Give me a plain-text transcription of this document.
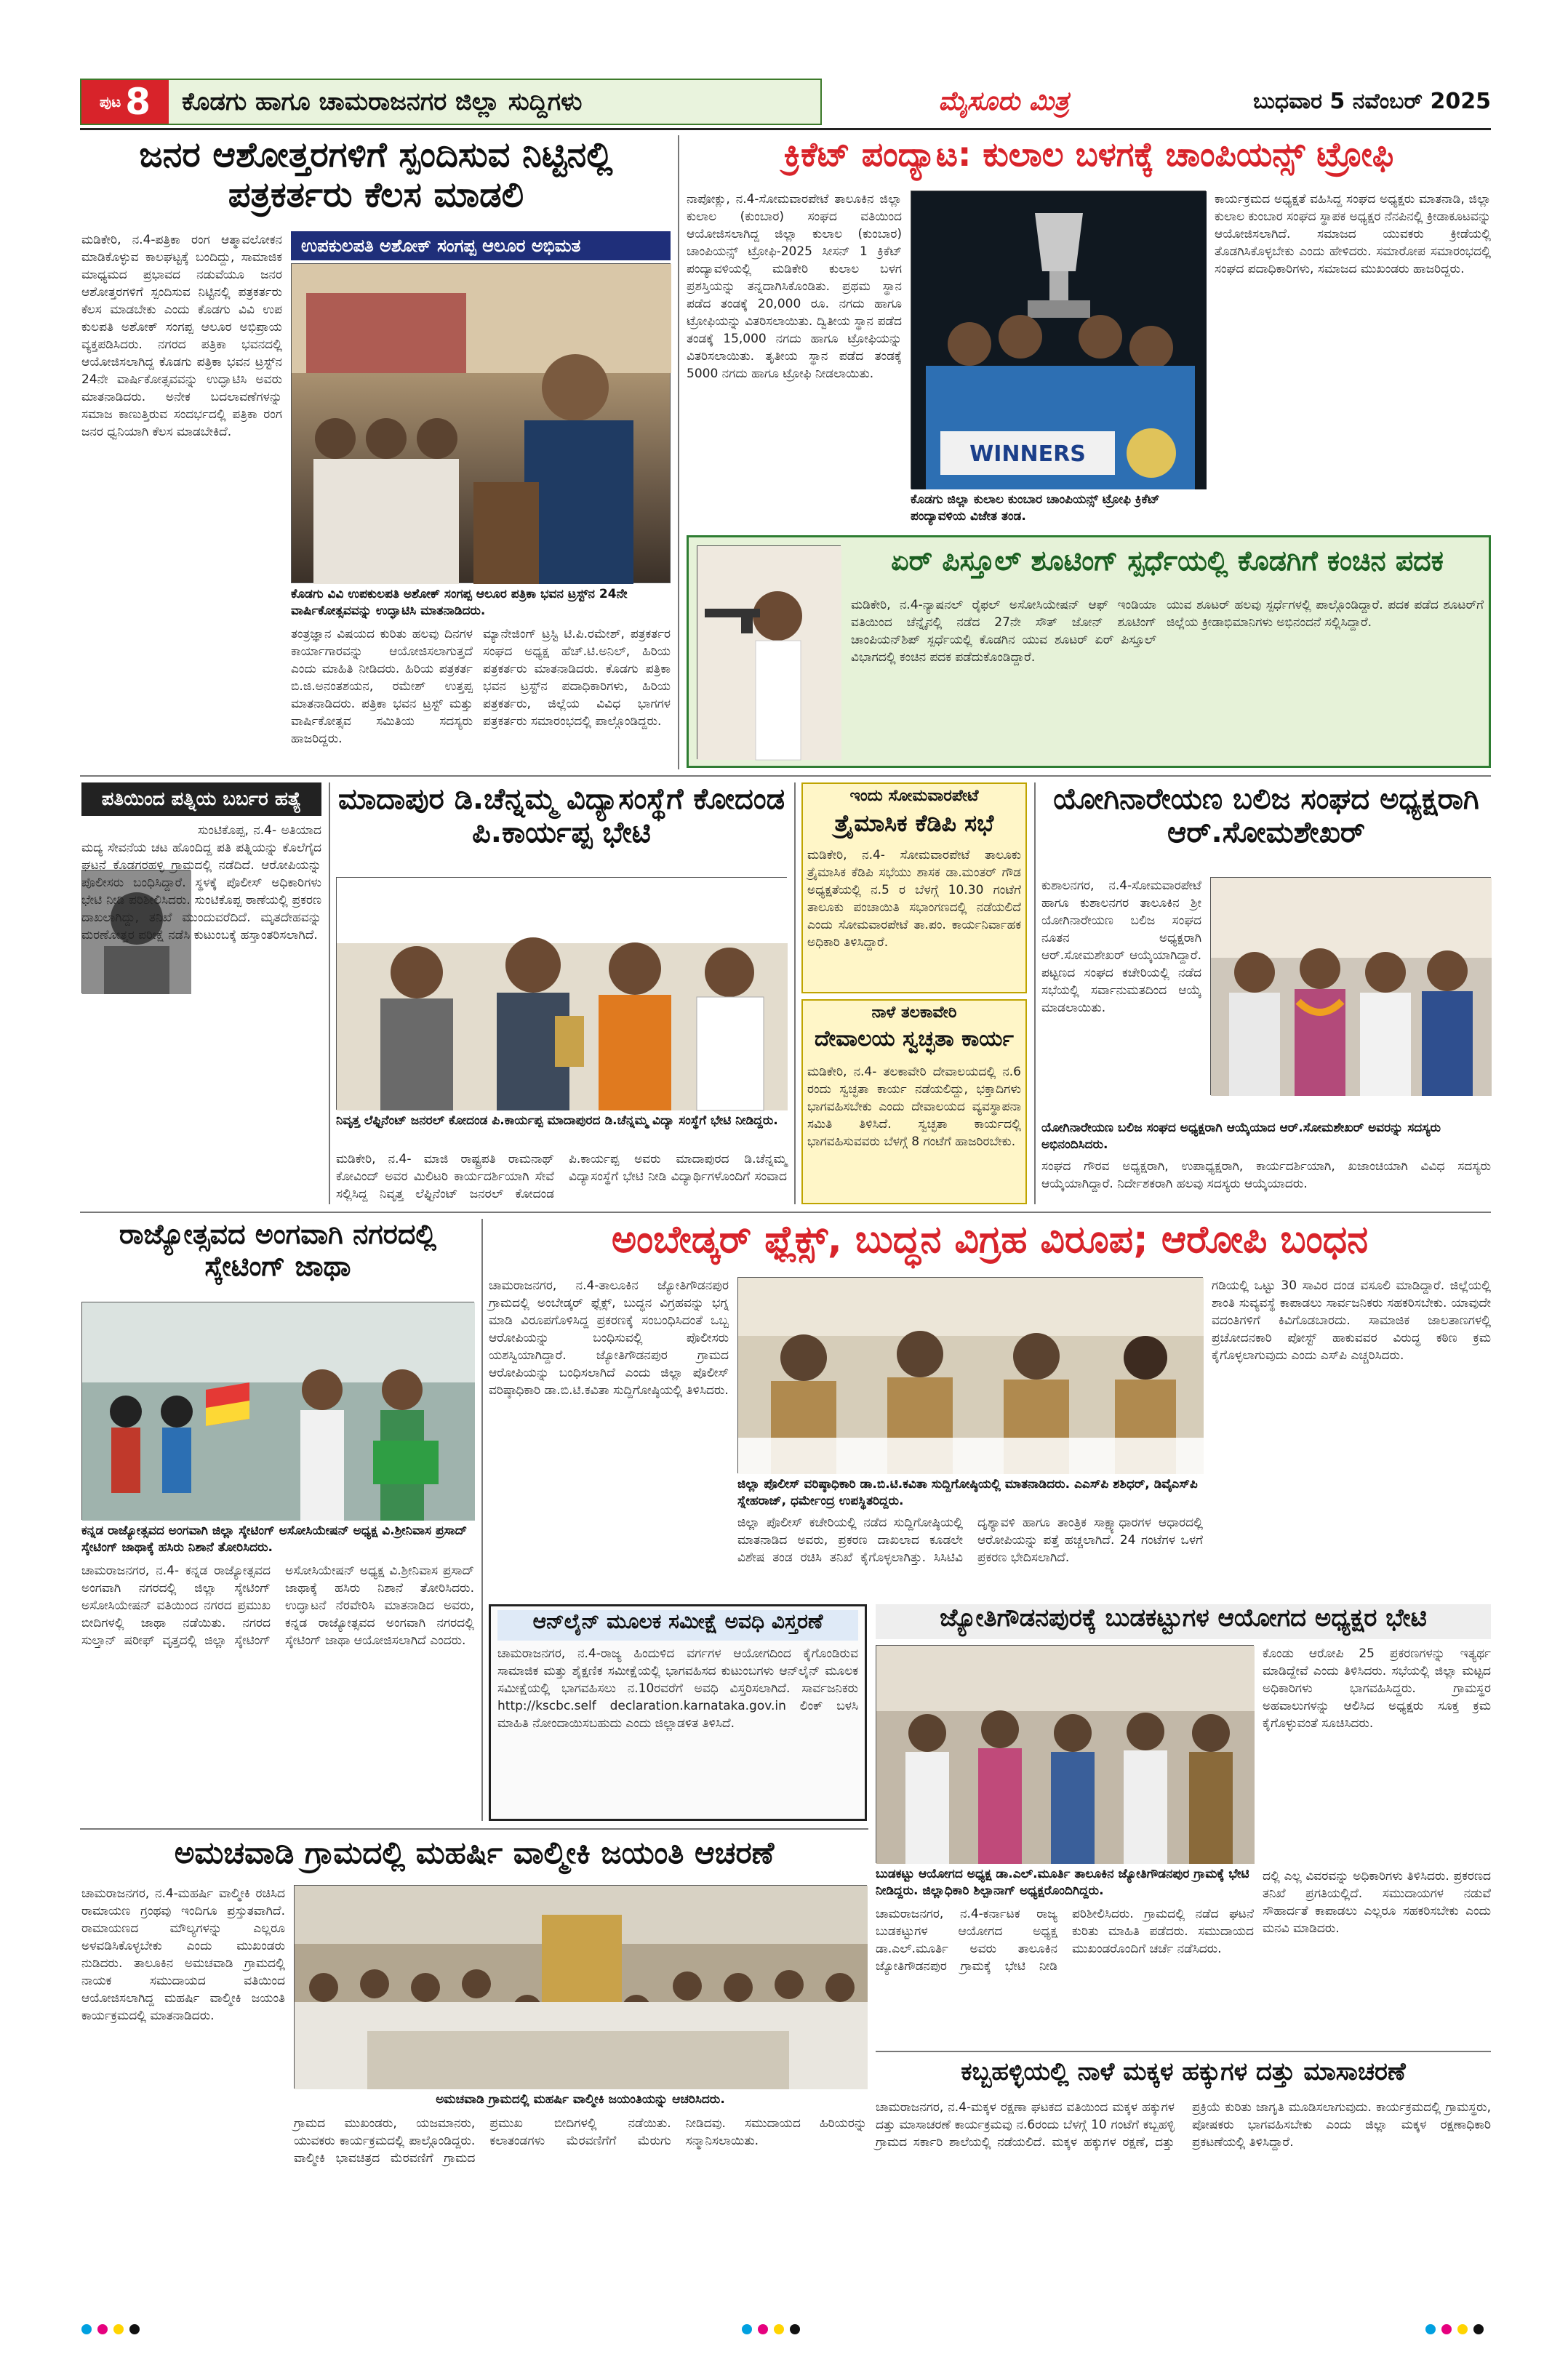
ಪುಟ 8 ಕೊಡಗು ಹಾಗೂ ಚಾಮರಾಜನಗರ ಜಿಲ್ಲಾ ಸುದ್ದಿಗಳು	ಮೈಸೂರು ಮಿತ್ರ	ಬುಧವಾರ 5 ನವೆಂಬರ್ 2025
ಜನರ ಆಶೋತ್ತರಗಳಿಗೆ ಸ್ಪಂದಿಸುವ ನಿಟ್ಟಿನಲ್ಲಿ ಪತ್ರಕರ್ತರು ಕೆಲಸ ಮಾಡಲಿ
ಮಡಿಕೇರಿ, ನ.4-ಪತ್ರಿಕಾ ರಂಗ ಆತ್ಮಾವಲೋಕನ ಮಾಡಿಕೊಳ್ಳುವ ಕಾಲಘಟ್ಟಕ್ಕೆ ಬಂದಿದ್ದು, ಸಾಮಾಜಿಕ ಮಾಧ್ಯಮದ ಪ್ರಭಾವದ ನಡುವೆಯೂ ಜನರ ಆಶೋತ್ತರಗಳಿಗೆ ಸ್ಪಂದಿಸುವ ನಿಟ್ಟಿನಲ್ಲಿ ಪತ್ರಕರ್ತರು ಕೆಲಸ ಮಾಡಬೇಕು ಎಂದು ಕೊಡಗು ವಿವಿ ಉಪ ಕುಲಪತಿ ಅಶೋಕ್ ಸಂಗಪ್ಪ ಆಲೂರ ಅಭಿಪ್ರಾಯ ವ್ಯಕ್ತಪಡಿಸಿದರು. ನಗರದ ಪತ್ರಿಕಾ ಭವನದಲ್ಲಿ ಆಯೋಜಿಸಲಾಗಿದ್ದ ಕೊಡಗು ಪತ್ರಿಕಾ ಭವನ ಟ್ರಸ್ಟ್‌ನ 24ನೇ ವಾರ್ಷಿಕೋತ್ಸವವನ್ನು ಉದ್ಘಾಟಿಸಿ ಅವರು ಮಾತನಾಡಿದರು. ಅನೇಕ ಬದಲಾವಣೆಗಳನ್ನು ಸಮಾಜ ಕಾಣುತ್ತಿರುವ ಸಂದರ್ಭದಲ್ಲಿ ಪತ್ರಿಕಾ ರಂಗ ಜನರ ಧ್ವನಿಯಾಗಿ ಕೆಲಸ ಮಾಡಬೇಕಿದೆ.
ಉಪಕುಲಪತಿ ಅಶೋಕ್ ಸಂಗಪ್ಪ ಆಲೂರ ಅಭಿಮತ
ಕೊಡಗು ವಿವಿ ಉಪಕುಲಪತಿ ಅಶೋಕ್ ಸಂಗಪ್ಪ ಆಲೂರ ಪತ್ರಿಕಾ ಭವನ ಟ್ರಸ್ಟ್‌ನ 24ನೇ ವಾರ್ಷಿಕೋತ್ಸವವನ್ನು ಉದ್ಘಾಟಿಸಿ ಮಾತನಾಡಿದರು.
ತಂತ್ರಜ್ಞಾನ ವಿಷಯದ ಕುರಿತು ಹಲವು ದಿನಗಳ ಕಾರ್ಯಾಗಾರವನ್ನು ಆಯೋಜಿಸಲಾಗುತ್ತದೆ ಎಂದು ಮಾಹಿತಿ ನೀಡಿದರು. ಹಿರಿಯ ಪತ್ರಕರ್ತ ಬಿ.ಜಿ.ಅನಂತಶಯನ, ರಮೇಶ್ ಉತ್ತಪ್ಪ ಮಾತನಾಡಿದರು. ಪತ್ರಿಕಾ ಭವನ ಟ್ರಸ್ಟ್ ಮತ್ತು ವಾರ್ಷಿಕೋತ್ಸವ ಸಮಿತಿಯ ಸದಸ್ಯರು ಹಾಜರಿದ್ದರು.
ಮ್ಯಾನೇಜಿಂಗ್ ಟ್ರಸ್ಟಿ ಟಿ.ಪಿ.ರಮೇಶ್, ಪತ್ರಕರ್ತರ ಸಂಘದ ಅಧ್ಯಕ್ಷ ಹೆಚ್.ಟಿ.ಅನಿಲ್, ಹಿರಿಯ ಪತ್ರಕರ್ತರು ಮಾತನಾಡಿದರು. ಕೊಡಗು ಪತ್ರಿಕಾ ಭವನ ಟ್ರಸ್ಟ್‌ನ ಪದಾಧಿಕಾರಿಗಳು, ಹಿರಿಯ ಪತ್ರಕರ್ತರು, ಜಿಲ್ಲೆಯ ವಿವಿಧ ಭಾಗಗಳ ಪತ್ರಕರ್ತರು ಸಮಾರಂಭದಲ್ಲಿ ಪಾಲ್ಗೊಂಡಿದ್ದರು.
ಕ್ರಿಕೆಟ್ ಪಂದ್ಯಾಟ: ಕುಲಾಲ ಬಳಗಕ್ಕೆ ಚಾಂಪಿಯನ್ಸ್ ಟ್ರೋಫಿ
ನಾಪೋಕ್ಲು, ನ.4-ಸೋಮವಾರಪೇಟೆ ತಾಲೂಕಿನ ಜಿಲ್ಲಾ ಕುಲಾಲ (ಕುಂಬಾರ) ಸಂಘದ ವತಿಯಿಂದ ಆಯೋಜಿಸಲಾಗಿದ್ದ ಜಿಲ್ಲಾ ಕುಲಾಲ (ಕುಂಬಾರ) ಚಾಂಪಿಯನ್ಸ್ ಟ್ರೋಫಿ-2025 ಸೀಸನ್ 1 ಕ್ರಿಕೆಟ್ ಪಂದ್ಯಾವಳಿಯಲ್ಲಿ ಮಡಿಕೇರಿ ಕುಲಾಲ ಬಳಗ ಪ್ರಶಸ್ತಿಯನ್ನು ತನ್ನದಾಗಿಸಿಕೊಂಡಿತು. ಪ್ರಥಮ ಸ್ಥಾನ ಪಡೆದ ತಂಡಕ್ಕೆ 20,000 ರೂ. ನಗದು ಹಾಗೂ ಟ್ರೋಫಿಯನ್ನು ವಿತರಿಸಲಾಯಿತು. ದ್ವಿತೀಯ ಸ್ಥಾನ ಪಡೆದ ತಂಡಕ್ಕೆ 15,000 ನಗದು ಹಾಗೂ ಟ್ರೋಫಿಯನ್ನು ವಿತರಿಸಲಾಯಿತು. ತೃತೀಯ ಸ್ಥಾನ ಪಡೆದ ತಂಡಕ್ಕೆ 5000 ನಗದು ಹಾಗೂ ಟ್ರೋಫಿ ನೀಡಲಾಯಿತು.
WINNERS
ಕೊಡಗು ಜಿಲ್ಲಾ ಕುಲಾಲ ಕುಂಬಾರ ಚಾಂಪಿಯನ್ಸ್ ಟ್ರೋಫಿ ಕ್ರಿಕೆಟ್ ಪಂದ್ಯಾವಳಿಯ ವಿಜೇತ ತಂಡ.
ಕಾರ್ಯಕ್ರಮದ ಅಧ್ಯಕ್ಷತೆ ವಹಿಸಿದ್ದ ಸಂಘದ ಅಧ್ಯಕ್ಷರು ಮಾತನಾಡಿ, ಜಿಲ್ಲಾ ಕುಲಾಲ ಕುಂಬಾರ ಸಂಘದ ಸ್ಥಾಪಕ ಅಧ್ಯಕ್ಷರ ನೆನಪಿನಲ್ಲಿ ಕ್ರೀಡಾಕೂಟವನ್ನು ಆಯೋಜಿಸಲಾಗಿದೆ. ಸಮಾಜದ ಯುವಕರು ಕ್ರೀಡೆಯಲ್ಲಿ ತೊಡಗಿಸಿಕೊಳ್ಳಬೇಕು ಎಂದು ಹೇಳಿದರು. ಸಮಾರೋಪ ಸಮಾರಂಭದಲ್ಲಿ ಸಂಘದ ಪದಾಧಿಕಾರಿಗಳು, ಸಮಾಜದ ಮುಖಂಡರು ಹಾಜರಿದ್ದರು.
ಏರ್ ಪಿಸ್ತೂಲ್ ಶೂಟಿಂಗ್ ಸ್ಪರ್ಧೆಯಲ್ಲಿ ಕೊಡಗಿಗೆ ಕಂಚಿನ ಪದಕ
ಮಡಿಕೇರಿ, ನ.4-ನ್ಯಾಷನಲ್ ರೈಫಲ್ ಅಸೋಸಿಯೇಷನ್ ಆಫ್ ಇಂಡಿಯಾ ವತಿಯಿಂದ ಚೆನ್ನೈನಲ್ಲಿ ನಡೆದ 27ನೇ ಸೌತ್ ಜೋನ್ ಶೂಟಿಂಗ್ ಚಾಂಪಿಯನ್‌ಶಿಪ್ ಸ್ಪರ್ಧೆಯಲ್ಲಿ ಕೊಡಗಿನ ಯುವ ಶೂಟರ್ ಏರ್ ಪಿಸ್ತೂಲ್ ವಿಭಾಗದಲ್ಲಿ ಕಂಚಿನ ಪದಕ ಪಡೆದುಕೊಂಡಿದ್ದಾರೆ.
ಯುವ ಶೂಟರ್ ಹಲವು ಸ್ಪರ್ಧೆಗಳಲ್ಲಿ ಪಾಲ್ಗೊಂಡಿದ್ದಾರೆ. ಪದಕ ಪಡೆದ ಶೂಟರ್‌ಗೆ ಜಿಲ್ಲೆಯ ಕ್ರೀಡಾಭಿಮಾನಿಗಳು ಅಭಿನಂದನೆ ಸಲ್ಲಿಸಿದ್ದಾರೆ.
ಪತಿಯಿಂದ ಪತ್ನಿಯ ಬರ್ಬರ ಹತ್ಯೆ
ಸುಂಟಿಕೊಪ್ಪ, ನ.4- ಅತಿಯಾದ ಮದ್ಯ ಸೇವನೆಯ ಚಟ ಹೊಂದಿದ್ದ ಪತಿ ಪತ್ನಿಯನ್ನು ಕೊಲೆಗೈದ ಘಟನೆ ಕೊಡಗರಹಳ್ಳಿ ಗ್ರಾಮದಲ್ಲಿ ನಡೆದಿದೆ. ಆರೋಪಿಯನ್ನು ಪೊಲೀಸರು ಬಂಧಿಸಿದ್ದಾರೆ. ಸ್ಥಳಕ್ಕೆ ಪೊಲೀಸ್ ಅಧಿಕಾರಿಗಳು ಭೇಟಿ ನೀಡಿ ಪರಿಶೀಲಿಸಿದರು. ಸುಂಟಿಕೊಪ್ಪ ಠಾಣೆಯಲ್ಲಿ ಪ್ರಕರಣ ದಾಖಲಾಗಿದ್ದು, ತನಿಖೆ ಮುಂದುವರೆದಿದೆ. ಮೃತದೇಹವನ್ನು ಮರಣೋತ್ತರ ಪರೀಕ್ಷೆ ನಡೆಸಿ ಕುಟುಂಬಕ್ಕೆ ಹಸ್ತಾಂತರಿಸಲಾಗಿದೆ.
ಮಾದಾಪುರ ಡಿ.ಚೆನ್ನಮ್ಮ ವಿದ್ಯಾಸಂಸ್ಥೆಗೆ ಕೋದಂಡ ಪಿ.ಕಾರ್ಯಪ್ಪ ಭೇಟಿ
ನಿವೃತ್ತ ಲೆಫ್ಟಿನೆಂಟ್ ಜನರಲ್ ಕೋದಂಡ ಪಿ.ಕಾರ್ಯಪ್ಪ ಮಾದಾಪುರದ ಡಿ.ಚೆನ್ನಮ್ಮ ವಿದ್ಯಾ ಸಂಸ್ಥೆಗೆ ಭೇಟಿ ನೀಡಿದ್ದರು.
ಮಡಿಕೇರಿ, ನ.4- ಮಾಜಿ ರಾಷ್ಟ್ರಪತಿ ರಾಮನಾಥ್ ಕೋವಿಂದ್ ಅವರ ಮಿಲಿಟರಿ ಕಾರ್ಯದರ್ಶಿಯಾಗಿ ಸೇವೆ ಸಲ್ಲಿಸಿದ್ದ ನಿವೃತ್ತ ಲೆಫ್ಟಿನೆಂಟ್ ಜನರಲ್ ಕೋದಂಡ ಪಿ.ಕಾರ್ಯಪ್ಪ ಅವರು ಮಾದಾಪುರದ ಡಿ.ಚೆನ್ನಮ್ಮ ವಿದ್ಯಾಸಂಸ್ಥೆಗೆ ಭೇಟಿ ನೀಡಿ ವಿದ್ಯಾರ್ಥಿಗಳೊಂದಿಗೆ ಸಂವಾದ
ಇಂದು ಸೋಮವಾರಪೇಟೆ
ತ್ರೈಮಾಸಿಕ ಕೆಡಿಪಿ ಸಭೆ
ಮಡಿಕೇರಿ, ನ.4- ಸೋಮವಾರಪೇಟೆ ತಾಲೂಕು ತ್ರೈಮಾಸಿಕ ಕೆಡಿಪಿ ಸಭೆಯು ಶಾಸಕ ಡಾ.ಮಂತರ್ ಗೌಡ ಅಧ್ಯಕ್ಷತೆಯಲ್ಲಿ ನ.5 ರ ಬೆಳಗ್ಗೆ 10.30 ಗಂಟೆಗೆ ತಾಲೂಕು ಪಂಚಾಯಿತಿ ಸಭಾಂಗಣದಲ್ಲಿ ನಡೆಯಲಿದೆ ಎಂದು ಸೋಮವಾರಪೇಟೆ ತಾ.ಪಂ. ಕಾರ್ಯನಿರ್ವಾಹಕ ಅಧಿಕಾರಿ ತಿಳಿಸಿದ್ದಾರೆ.
ನಾಳೆ ತಲಕಾವೇರಿ
ದೇವಾಲಯ ಸ್ವಚ್ಛತಾ ಕಾರ್ಯ
ಮಡಿಕೇರಿ, ನ.4- ತಲಕಾವೇರಿ ದೇವಾಲಯದಲ್ಲಿ ನ.6 ರಂದು ಸ್ವಚ್ಛತಾ ಕಾರ್ಯ ನಡೆಯಲಿದ್ದು, ಭಕ್ತಾದಿಗಳು ಭಾಗವಹಿಸಬೇಕು ಎಂದು ದೇವಾಲಯದ ವ್ಯವಸ್ಥಾಪನಾ ಸಮಿತಿ ತಿಳಿಸಿದೆ. ಸ್ವಚ್ಛತಾ ಕಾರ್ಯದಲ್ಲಿ ಭಾಗವಹಿಸುವವರು ಬೆಳಗ್ಗೆ 8 ಗಂಟೆಗೆ ಹಾಜರಿರಬೇಕು.
ಯೋಗಿನಾರೇಯಣ ಬಲಿಜ ಸಂಘದ ಅಧ್ಯಕ್ಷರಾಗಿ ಆರ್.ಸೋಮಶೇಖರ್
ಕುಶಾಲನಗರ, ನ.4-ಸೋಮವಾರಪೇಟೆ ಹಾಗೂ ಕುಶಾಲನಗರ ತಾಲೂಕಿನ ಶ್ರೀ ಯೋಗಿನಾರೇಯಣ ಬಲಿಜ ಸಂಘದ ನೂತನ ಅಧ್ಯಕ್ಷರಾಗಿ ಆರ್.ಸೋಮಶೇಖರ್ ಆಯ್ಕೆಯಾಗಿದ್ದಾರೆ. ಪಟ್ಟಣದ ಸಂಘದ ಕಚೇರಿಯಲ್ಲಿ ನಡೆದ ಸಭೆಯಲ್ಲಿ ಸರ್ವಾನುಮತದಿಂದ ಆಯ್ಕೆ ಮಾಡಲಾಯಿತು.
ಯೋಗಿನಾರೇಯಣ ಬಲಿಜ ಸಂಘದ ಅಧ್ಯಕ್ಷರಾಗಿ ಆಯ್ಕೆಯಾದ ಆರ್.ಸೋಮಶೇಖರ್ ಅವರನ್ನು ಸದಸ್ಯರು ಅಭಿನಂದಿಸಿದರು.
ಸಂಘದ ಗೌರವ ಅಧ್ಯಕ್ಷರಾಗಿ, ಉಪಾಧ್ಯಕ್ಷರಾಗಿ, ಕಾರ್ಯದರ್ಶಿಯಾಗಿ, ಖಜಾಂಚಿಯಾಗಿ ವಿವಿಧ ಸದಸ್ಯರು ಆಯ್ಕೆಯಾಗಿದ್ದಾರೆ. ನಿರ್ದೇಶಕರಾಗಿ ಹಲವು ಸದಸ್ಯರು ಆಯ್ಕೆಯಾದರು.
ರಾಜ್ಯೋತ್ಸವದ ಅಂಗವಾಗಿ ನಗರದಲ್ಲಿ ಸ್ಕೇಟಿಂಗ್ ಜಾಥಾ
ಕನ್ನಡ ರಾಜ್ಯೋತ್ಸವದ ಅಂಗವಾಗಿ ಜಿಲ್ಲಾ ಸ್ಕೇಟಿಂಗ್ ಅಸೋಸಿಯೇಷನ್ ಅಧ್ಯಕ್ಷ ವಿ.ಶ್ರೀನಿವಾಸ ಪ್ರಸಾದ್ ಸ್ಕೇಟಿಂಗ್ ಜಾಥಾಕ್ಕೆ ಹಸಿರು ನಿಶಾನೆ ತೋರಿಸಿದರು.
ಚಾಮರಾಜನಗರ, ನ.4- ಕನ್ನಡ ರಾಜ್ಯೋತ್ಸವದ ಅಂಗವಾಗಿ ನಗರದಲ್ಲಿ ಜಿಲ್ಲಾ ಸ್ಕೇಟಿಂಗ್ ಅಸೋಸಿಯೇಷನ್ ವತಿಯಿಂದ ನಗರದ ಪ್ರಮುಖ ಬೀದಿಗಳಲ್ಲಿ ಜಾಥಾ ನಡೆಯಿತು. ನಗರದ ಸುಲ್ತಾನ್ ಷರೀಫ್ ವೃತ್ತದಲ್ಲಿ ಜಿಲ್ಲಾ ಸ್ಕೇಟಿಂಗ್ ಅಸೋಸಿಯೇಷನ್ ಅಧ್ಯಕ್ಷ ವಿ.ಶ್ರೀನಿವಾಸ ಪ್ರಸಾದ್ ಜಾಥಾಕ್ಕೆ ಹಸಿರು ನಿಶಾನೆ ತೋರಿಸಿದರು. ಉದ್ಘಾಟನೆ ನೆರವೇರಿಸಿ ಮಾತನಾಡಿದ ಅವರು, ಕನ್ನಡ ರಾಜ್ಯೋತ್ಸವದ ಅಂಗವಾಗಿ ನಗರದಲ್ಲಿ ಸ್ಕೇಟಿಂಗ್ ಜಾಥಾ ಆಯೋಜಿಸಲಾಗಿದೆ ಎಂದರು.
ಅಂಬೇಡ್ಕರ್ ಫ್ಲೆಕ್ಸ್, ಬುದ್ಧನ ವಿಗ್ರಹ ವಿರೂಪ; ಆರೋಪಿ ಬಂಧನ
ಚಾಮರಾಜನಗರ, ನ.4-ತಾಲೂಕಿನ ಜ್ಯೋತಿಗೌಡನಪುರ ಗ್ರಾಮದಲ್ಲಿ ಅಂಬೇಡ್ಕರ್ ಫ್ಲೆಕ್ಸ್, ಬುದ್ಧನ ವಿಗ್ರಹವನ್ನು ಭಗ್ನ ಮಾಡಿ ವಿರೂಪಗೊಳಿಸಿದ್ದ ಪ್ರಕರಣಕ್ಕೆ ಸಂಬಂಧಿಸಿದಂತೆ ಒಬ್ಬ ಆರೋಪಿಯನ್ನು ಬಂಧಿಸುವಲ್ಲಿ ಪೊಲೀಸರು ಯಶಸ್ವಿಯಾಗಿದ್ದಾರೆ. ಜ್ಯೋತಿಗೌಡನಪುರ ಗ್ರಾಮದ ಆರೋಪಿಯನ್ನು ಬಂಧಿಸಲಾಗಿದೆ ಎಂದು ಜಿಲ್ಲಾ ಪೊಲೀಸ್ ವರಿಷ್ಠಾಧಿಕಾರಿ ಡಾ.ಬಿ.ಟಿ.ಕವಿತಾ ಸುದ್ದಿಗೋಷ್ಠಿಯಲ್ಲಿ ತಿಳಿಸಿದರು.
ಜಿಲ್ಲಾ ಪೊಲೀಸ್ ವರಿಷ್ಠಾಧಿಕಾರಿ ಡಾ.ಬಿ.ಟಿ.ಕವಿತಾ ಸುದ್ದಿಗೋಷ್ಠಿಯಲ್ಲಿ ಮಾತನಾಡಿದರು. ಎಎಸ್‌ಪಿ ಶಶಿಧರ್, ಡಿವೈಎಸ್‌ಪಿ ಸ್ನೇಹರಾಜ್, ಧರ್ಮೇಂದ್ರ ಉಪಸ್ಥಿತರಿದ್ದರು.
ಜಿಲ್ಲಾ ಪೊಲೀಸ್ ಕಚೇರಿಯಲ್ಲಿ ನಡೆದ ಸುದ್ದಿಗೋಷ್ಠಿಯಲ್ಲಿ ಮಾತನಾಡಿದ ಅವರು, ಪ್ರಕರಣ ದಾಖಲಾದ ಕೂಡಲೇ ವಿಶೇಷ ತಂಡ ರಚಿಸಿ ತನಿಖೆ ಕೈಗೊಳ್ಳಲಾಗಿತ್ತು. ಸಿಸಿಟಿವಿ ದೃಶ್ಯಾವಳಿ ಹಾಗೂ ತಾಂತ್ರಿಕ ಸಾಕ್ಷ್ಯಾಧಾರಗಳ ಆಧಾರದಲ್ಲಿ ಆರೋಪಿಯನ್ನು ಪತ್ತೆ ಹಚ್ಚಲಾಗಿದೆ. 24 ಗಂಟೆಗಳ ಒಳಗೆ ಪ್ರಕರಣ ಭೇದಿಸಲಾಗಿದೆ.
ಗಡಿಯಲ್ಲಿ ಒಟ್ಟು 30 ಸಾವಿರ ದಂಡ ವಸೂಲಿ ಮಾಡಿದ್ದಾರೆ. ಜಿಲ್ಲೆಯಲ್ಲಿ ಶಾಂತಿ ಸುವ್ಯವಸ್ಥೆ ಕಾಪಾಡಲು ಸಾರ್ವಜನಿಕರು ಸಹಕರಿಸಬೇಕು. ಯಾವುದೇ ವದಂತಿಗಳಿಗೆ ಕಿವಿಗೊಡಬಾರದು. ಸಾಮಾಜಿಕ ಜಾಲತಾಣಗಳಲ್ಲಿ ಪ್ರಚೋದನಕಾರಿ ಪೋಸ್ಟ್ ಹಾಕುವವರ ವಿರುದ್ಧ ಕಠಿಣ ಕ್ರಮ ಕೈಗೊಳ್ಳಲಾಗುವುದು ಎಂದು ಎಸ್‌ಪಿ ಎಚ್ಚರಿಸಿದರು.
ಆನ್‌ಲೈನ್ ಮೂಲಕ ಸಮೀಕ್ಷೆ ಅವಧಿ ವಿಸ್ತರಣೆ
ಚಾಮರಾಜನಗರ, ನ.4-ರಾಜ್ಯ ಹಿಂದುಳಿದ ವರ್ಗಗಳ ಆಯೋಗದಿಂದ ಕೈಗೊಂಡಿರುವ ಸಾಮಾಜಿಕ ಮತ್ತು ಶೈಕ್ಷಣಿಕ ಸಮೀಕ್ಷೆಯಲ್ಲಿ ಭಾಗವಹಿಸದ ಕುಟುಂಬಗಳು ಆನ್‌ಲೈನ್ ಮೂಲಕ ಸಮೀಕ್ಷೆಯಲ್ಲಿ ಭಾಗವಹಿಸಲು ನ.10ರವರೆಗೆ ಅವಧಿ ವಿಸ್ತರಿಸಲಾಗಿದೆ. ಸಾರ್ವಜನಿಕರು http://kscbc.self declaration.karnataka.gov.in ಲಿಂಕ್ ಬಳಸಿ ಮಾಹಿತಿ ನೋಂದಾಯಿಸಬಹುದು ಎಂದು ಜಿಲ್ಲಾಡಳಿತ ತಿಳಿಸಿದೆ.
ಜ್ಯೋತಿಗೌಡನಪುರಕ್ಕೆ ಬುಡಕಟ್ಟುಗಳ ಆಯೋಗದ ಅಧ್ಯಕ್ಷರ ಭೇಟಿ
ಕೊಂಡು ಆರೋಪಿ 25 ಪ್ರಕರಣಗಳನ್ನು ಇತ್ಯರ್ಥ ಮಾಡಿದ್ದೇವೆ ಎಂದು ತಿಳಿಸಿದರು. ಸಭೆಯಲ್ಲಿ ಜಿಲ್ಲಾ ಮಟ್ಟದ ಅಧಿಕಾರಿಗಳು ಭಾಗವಹಿಸಿದ್ದರು. ಗ್ರಾಮಸ್ಥರ ಅಹವಾಲುಗಳನ್ನು ಆಲಿಸಿದ ಅಧ್ಯಕ್ಷರು ಸೂಕ್ತ ಕ್ರಮ ಕೈಗೊಳ್ಳುವಂತೆ ಸೂಚಿಸಿದರು.
ಬುಡಕಟ್ಟು ಆಯೋಗದ ಅಧ್ಯಕ್ಷ ಡಾ.ಎಲ್.ಮೂರ್ತಿ ತಾಲೂಕಿನ ಜ್ಯೋತಿಗೌಡನಪುರ ಗ್ರಾಮಕ್ಕೆ ಭೇಟಿ ನೀಡಿದ್ದರು. ಜಿಲ್ಲಾಧಿಕಾರಿ ಶಿಲ್ಪಾನಾಗ್ ಅಧ್ಯಕ್ಷರೊಂದಿಗಿದ್ದರು.
ಚಾಮರಾಜನಗರ, ನ.4-ಕರ್ನಾಟಕ ರಾಜ್ಯ ಬುಡಕಟ್ಟುಗಳ ಆಯೋಗದ ಅಧ್ಯಕ್ಷ ಡಾ.ಎಲ್.ಮೂರ್ತಿ ಅವರು ತಾಲೂಕಿನ ಜ್ಯೋತಿಗೌಡನಪುರ ಗ್ರಾಮಕ್ಕೆ ಭೇಟಿ ನೀಡಿ ಪರಿಶೀಲಿಸಿದರು. ಗ್ರಾಮದಲ್ಲಿ ನಡೆದ ಘಟನೆ ಕುರಿತು ಮಾಹಿತಿ ಪಡೆದರು. ಸಮುದಾಯದ ಮುಖಂಡರೊಂದಿಗೆ ಚರ್ಚೆ ನಡೆಸಿದರು.
ದಲ್ಲಿ ಎಲ್ಲ ವಿವರವನ್ನು ಅಧಿಕಾರಿಗಳು ತಿಳಿಸಿದರು. ಪ್ರಕರಣದ ತನಿಖೆ ಪ್ರಗತಿಯಲ್ಲಿದೆ. ಸಮುದಾಯಗಳ ನಡುವೆ ಸೌಹಾರ್ದತೆ ಕಾಪಾಡಲು ಎಲ್ಲರೂ ಸಹಕರಿಸಬೇಕು ಎಂದು ಮನವಿ ಮಾಡಿದರು.
ಅಮಚವಾಡಿ ಗ್ರಾಮದಲ್ಲಿ ಮಹರ್ಷಿ ವಾಲ್ಮೀಕಿ ಜಯಂತಿ ಆಚರಣೆ
ಚಾಮರಾಜನಗರ, ನ.4-ಮಹರ್ಷಿ ವಾಲ್ಮೀಕಿ ರಚಿಸಿದ ರಾಮಾಯಣ ಗ್ರಂಥವು ಇಂದಿಗೂ ಪ್ರಸ್ತುತವಾಗಿದೆ. ರಾಮಾಯಣದ ಮೌಲ್ಯಗಳನ್ನು ಎಲ್ಲರೂ ಅಳವಡಿಸಿಕೊಳ್ಳಬೇಕು ಎಂದು ಮುಖಂಡರು ನುಡಿದರು. ತಾಲೂಕಿನ ಅಮಚವಾಡಿ ಗ್ರಾಮದಲ್ಲಿ ನಾಯಕ ಸಮುದಾಯದ ವತಿಯಿಂದ ಆಯೋಜಿಸಲಾಗಿದ್ದ ಮಹರ್ಷಿ ವಾಲ್ಮೀಕಿ ಜಯಂತಿ ಕಾರ್ಯಕ್ರಮದಲ್ಲಿ ಮಾತನಾಡಿದರು.
ಅಮಚವಾಡಿ ಗ್ರಾಮದಲ್ಲಿ ಮಹರ್ಷಿ ವಾಲ್ಮೀಕಿ ಜಯಂತಿಯನ್ನು ಆಚರಿಸಿದರು.
ಗ್ರಾಮದ ಮುಖಂಡರು, ಯಜಮಾನರು, ಯುವಕರು ಕಾರ್ಯಕ್ರಮದಲ್ಲಿ ಪಾಲ್ಗೊಂಡಿದ್ದರು. ವಾಲ್ಮೀಕಿ ಭಾವಚಿತ್ರದ ಮೆರವಣಿಗೆ ಗ್ರಾಮದ ಪ್ರಮುಖ ಬೀದಿಗಳಲ್ಲಿ ನಡೆಯಿತು. ಕಲಾತಂಡಗಳು ಮೆರವಣಿಗೆಗೆ ಮೆರುಗು ನೀಡಿದವು. ಸಮುದಾಯದ ಹಿರಿಯರನ್ನು ಸನ್ಮಾನಿಸಲಾಯಿತು.
ಕಬ್ಬಹಳ್ಳಿಯಲ್ಲಿ ನಾಳೆ ಮಕ್ಕಳ ಹಕ್ಕುಗಳ ದತ್ತು ಮಾಸಾಚರಣೆ
ಚಾಮರಾಜನಗರ, ನ.4-ಮಕ್ಕಳ ರಕ್ಷಣಾ ಘಟಕದ ವತಿಯಿಂದ ಮಕ್ಕಳ ಹಕ್ಕುಗಳ ದತ್ತು ಮಾಸಾಚರಣೆ ಕಾರ್ಯಕ್ರಮವು ನ.6ರಂದು ಬೆಳಗ್ಗೆ 10 ಗಂಟೆಗೆ ಕಬ್ಬಹಳ್ಳಿ ಗ್ರಾಮದ ಸರ್ಕಾರಿ ಶಾಲೆಯಲ್ಲಿ ನಡೆಯಲಿದೆ. ಮಕ್ಕಳ ಹಕ್ಕುಗಳ ರಕ್ಷಣೆ, ದತ್ತು ಪ್ರಕ್ರಿಯೆ ಕುರಿತು ಜಾಗೃತಿ ಮೂಡಿಸಲಾಗುವುದು. ಕಾರ್ಯಕ್ರಮದಲ್ಲಿ ಗ್ರಾಮಸ್ಥರು, ಪೋಷಕರು ಭಾಗವಹಿಸಬೇಕು ಎಂದು ಜಿಲ್ಲಾ ಮಕ್ಕಳ ರಕ್ಷಣಾಧಿಕಾರಿ ಪ್ರಕಟಣೆಯಲ್ಲಿ ತಿಳಿಸಿದ್ದಾರೆ.
